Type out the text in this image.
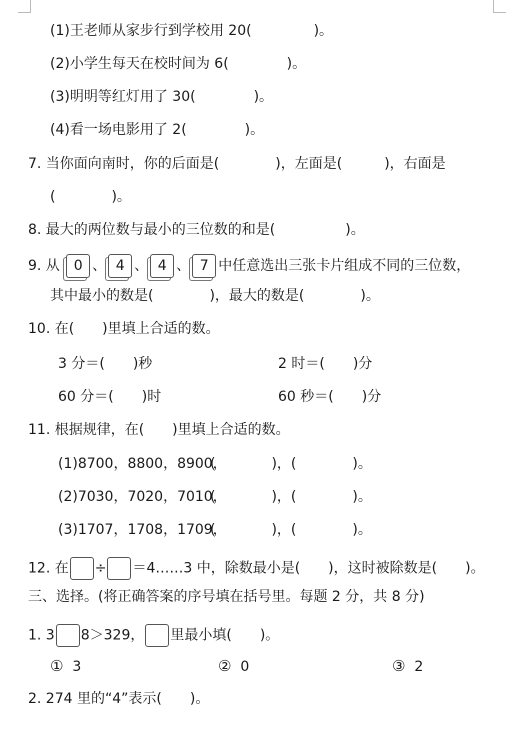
(1)王老师从家步行到学校用 20(	)。
(2)小学生每天在校时间为 6(	)。
(3)明明等红灯用了 30(	)。
(4)看一场电影用了 2(	)。
7. 当你面向南时，你的后面是(　　　　)，左面是(　　　)，右面是
(　　　　)。
8. 最大的两位数与最小的三位数的和是(　　　　　)。
9. 从 0 、 4 、 4 、 7 中任意选出三张卡片组成不同的三位数，
其中最小的数是(　　　　)，最大的数是(　　　　)。
10. 在(　　)里填上合适的数。
3 分＝(　　)秒	2 时＝(　　)分
60 分＝(　　)时	60 秒＝(　　)分
11. 根据规律，在(　　)里填上合适的数。
(1)8700，8800，8900，(　　　　)，(　　　　)。
(2)7030，7020，7010，(　　　　)，(　　　　)。
(3)1707，1708，1709，(　　　　)，(　　　　)。
12. 在 ÷ ＝4……3 中，除数最小是(　　)，这时被除数是(　　)。
三、选择。(将正确答案的序号填在括号里。每题 2 分，共 8 分)
1. 3 8＞329， 里最小填(　　)。
① 3	② 0	③ 2
2. 274 里的“4”表示(　　)。
